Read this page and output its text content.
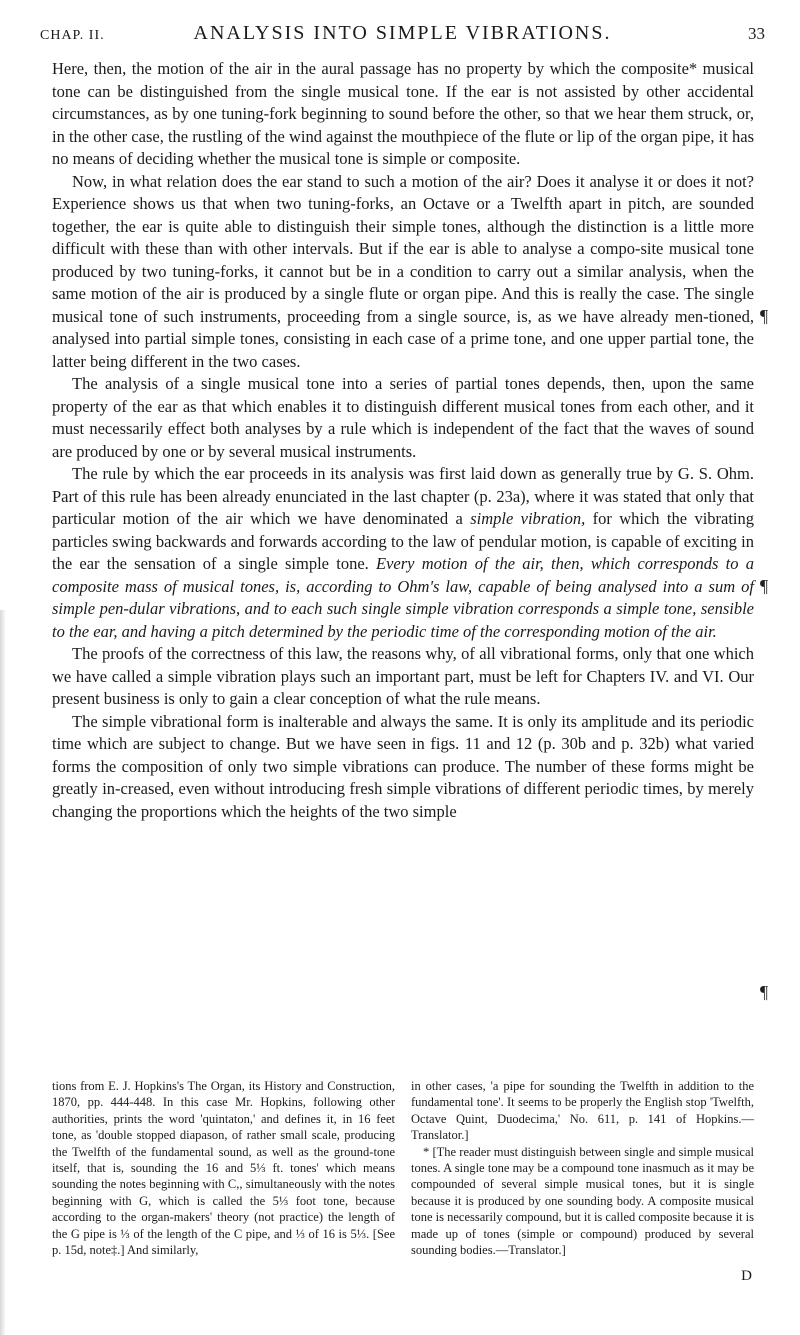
CHAP. II.	ANALYSIS INTO SIMPLE VIBRATIONS.	33

Here, then, the motion of the air in the aural passage has no property by which the composite* musical tone can be distinguished from the single musical tone. If the ear is not assisted by other accidental circumstances, as by one tuning-fork beginning to sound before the other, so that we hear them struck, or, in the other case, the rustling of the wind against the mouthpiece of the flute or lip of the organ pipe, it has no means of deciding whether the musical tone is simple or composite.

Now, in what relation does the ear stand to such a motion of the air? Does it analyse it or does it not? Experience shows us that when two tuning-forks, an Octave or a Twelfth apart in pitch, are sounded together, the ear is quite able to distinguish their simple tones, although the distinction is a little more difficult with these than with other intervals. But if the ear is able to analyse a compo-site musical tone produced by two tuning-forks, it cannot but be in a condition to carry out a similar analysis, when the same motion of the air is produced by a single flute or organ pipe. And this is really the case. The single musical tone of such instruments, proceeding from a single source, is, as we have already men-tioned, analysed into partial simple tones, consisting in each case of a prime tone, and one upper partial tone, the latter being different in the two cases.

The analysis of a single musical tone into a series of partial tones depends, then, upon the same property of the ear as that which enables it to distinguish different musical tones from each other, and it must necessarily effect both analyses by a rule which is independent of the fact that the waves of sound are produced by one or by several musical instruments.

The rule by which the ear proceeds in its analysis was first laid down as generally true by G. S. Ohm. Part of this rule has been already enunciated in the last chapter (p. 23a), where it was stated that only that particular motion of the air which we have denominated a simple vibration, for which the vibrating particles swing backwards and forwards according to the law of pendular motion, is capable of exciting in the ear the sensation of a single simple tone. Every motion of the air, then, which corresponds to a composite mass of musical tones, is, according to Ohm's law, capable of being analysed into a sum of simple pen-dular vibrations, and to each such single simple vibration corresponds a simple tone, sensible to the ear, and having a pitch determined by the periodic time of the corresponding motion of the air.

The proofs of the correctness of this law, the reasons why, of all vibrational forms, only that one which we have called a simple vibration plays such an important part, must be left for Chapters IV. and VI. Our present business is only to gain a clear conception of what the rule means.

The simple vibrational form is inalterable and always the same. It is only its amplitude and its periodic time which are subject to change. But we have seen in figs. 11 and 12 (p. 30b and p. 32b) what varied forms the composition of only two simple vibrations can produce. The number of these forms might be greatly in-creased, even without introducing fresh simple vibrations of different periodic times, by merely changing the proportions which the heights of the two simple

¶
¶
¶

tions from E. J. Hopkins's The Organ, its History and Construction, 1870, pp. 444-448. In this case Mr. Hopkins, following other authorities, prints the word 'quintaton,' and defines it, in 16 feet tone, as 'double stopped diapason, of rather small scale, producing the Twelfth of the fundamental sound, as well as the ground-tone itself, that is, sounding the 16 and 5⅓ ft. tones' which means sounding the notes beginning with C,, simultaneously with the notes beginning with G, which is called the 5⅓ foot tone, because according to the organ-makers' theory (not practice) the length of the G pipe is ⅓ of the length of the C pipe, and ⅓ of 16 is 5⅓. [See p. 15d, note‡.] And similarly,

in other cases, 'a pipe for sounding the Twelfth in addition to the fundamental tone'. It seems to be properly the English stop 'Twelfth, Octave Quint, Duodecima,' No. 611, p. 141 of Hopkins.—Translator.]

* [The reader must distinguish between single and simple musical tones. A single tone may be a compound tone inasmuch as it may be compounded of several simple musical tones, but it is single because it is produced by one sounding body. A composite musical tone is necessarily compound, but it is called composite because it is made up of tones (simple or compound) produced by several sounding bodies.—Translator.]

D
